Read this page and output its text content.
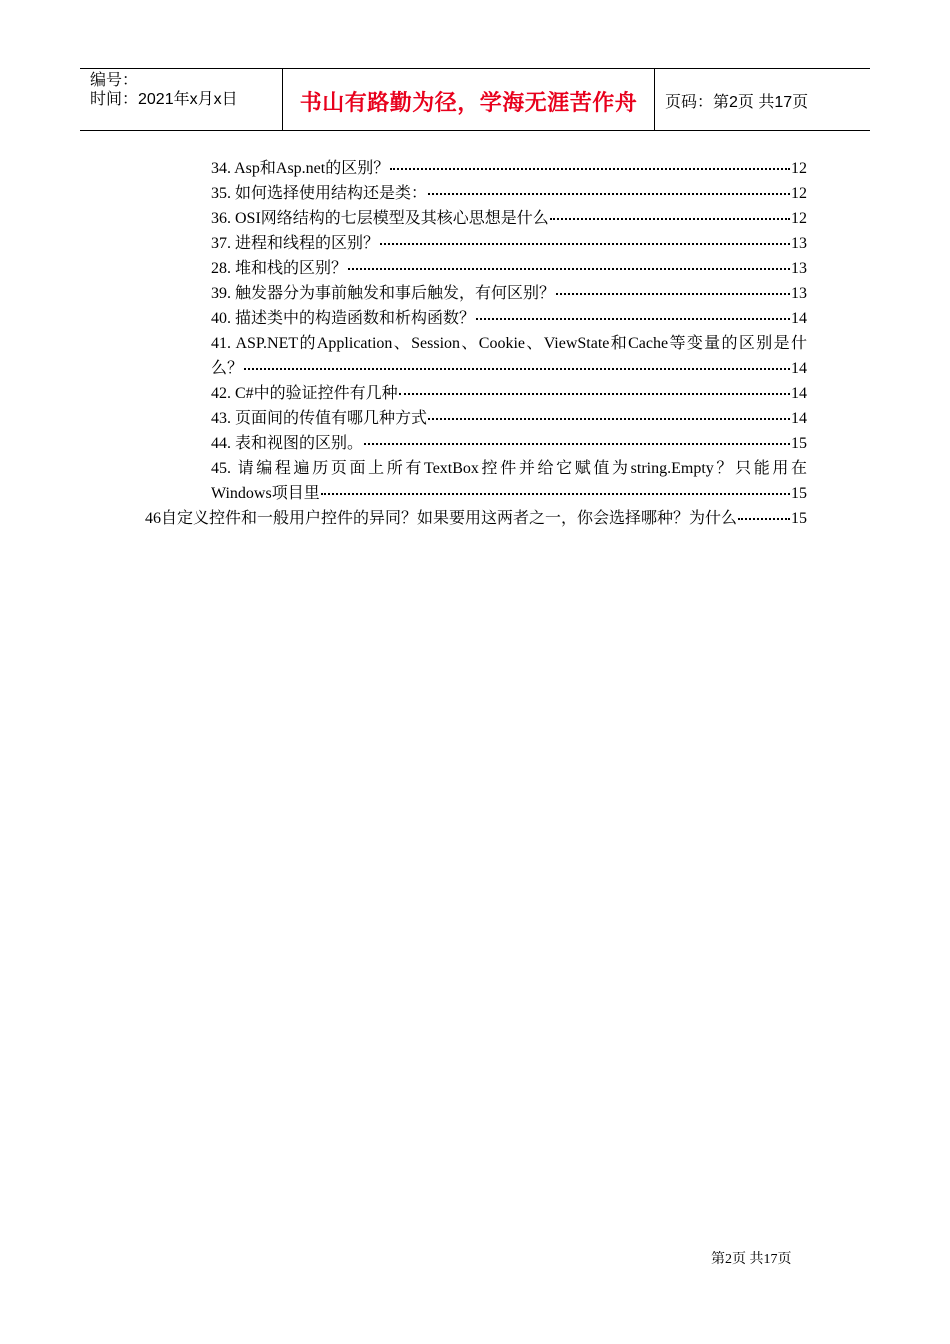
编号：
时间：2021年x月x日	书山有路勤为径，学海无涯苦作舟 页码：第2页 共17页
34. Asp和Asp.net的区别？	12
35. 如何选择使用结构还是类：	12
36. OSI网络结构的七层模型及其核心思想是什么	12
37. 进程和线程的区别？	13
28. 堆和栈的区别？	13
39. 触发器分为事前触发和事后触发，有何区别？	13
40. 描述类中的构造函数和析构函数？	14
41. ASP.NET的Application、Session、Cookie、ViewState和Cache等变量的区别是什
么？	14
42. C#中的验证控件有几种	14
43. 页面间的传值有哪几种方式	14
44. 表和视图的区别。	15
45. 请编程遍历页面上所有TextBox控件并给它赋值为string.Empty？只能用在
Windows项目里	15
46自定义控件和一般用户控件的异同？如果要用这两者之一，你会选择哪种？为什么	15
第2页 共17页
